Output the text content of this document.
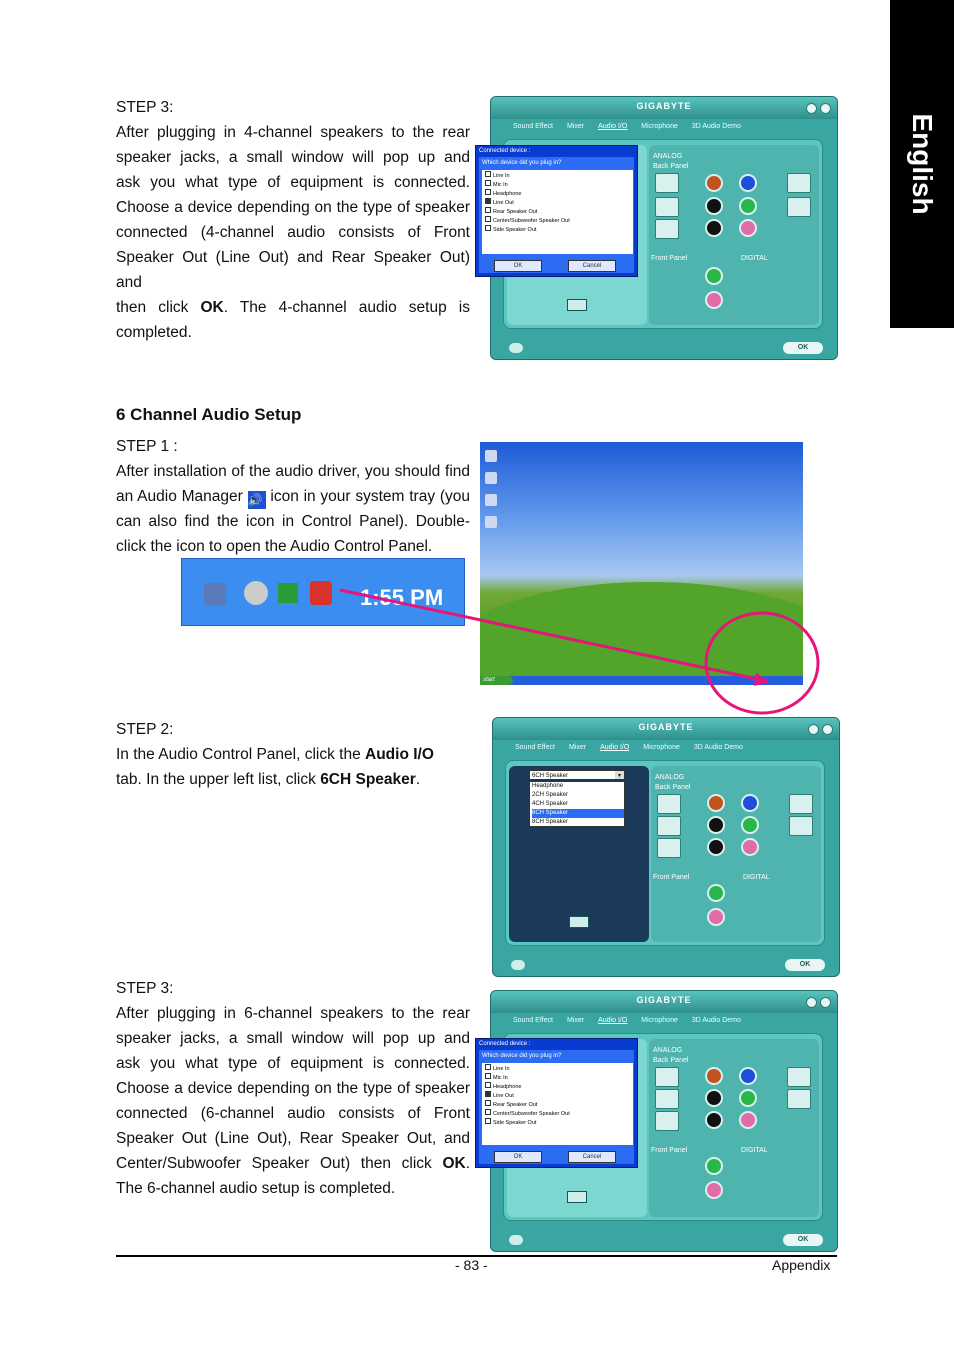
English

STEP 3:

After plugging in 4-channel speakers to the rear

speaker jacks, a small window will pop up and

ask you what type of equipment is connected.

Choose a device depending on the type of speaker

connected (4-channel audio consists of Front

Speaker Out (Line Out) and Rear Speaker Out) and

then click OK. The 4-channel audio setup is

completed.

GIGABYTE
Sound Effect Mixer Audio I/O Microphone 3D Audio Demo
ANALOG
Back Panel
Front Panel	DIGITAL
OK
Connected device :
Which device did you plug in?
Line In
Mic In
Headphone
Line Out
Rear Speaker Out
Center/Subwoofer Speaker Out
Side Speaker Out
OK	Cancel
6 Channel Audio Setup

STEP 1 :

After installation of the audio driver, you should find

an Audio Manager 🔊 icon in your system tray (you

can also find the icon in Control Panel). Double-

click the icon to open the Audio Control Panel.

1:55 PM
start

STEP 2:

In the Audio Control Panel, click the Audio I/O

tab. In the upper left list, click 6CH Speaker.

GIGABYTE
Sound Effect Mixer Audio I/O Microphone 3D Audio Demo
6CH Speaker	▾
Headphone
2CH Speaker
4CH Speaker
6CH Speaker
8CH Speaker
ANALOG
Back Panel
Front Panel	DIGITAL
OK

STEP 3:

After plugging in 6-channel speakers to the rear

speaker jacks, a small window will pop up and

ask you what type of equipment is connected.

Choose a device depending on the type of speaker

connected (6-channel audio consists of Front

Speaker Out (Line Out), Rear Speaker Out, and

Center/Subwoofer Speaker Out) then click OK.

The 6-channel audio setup is completed.

GIGABYTE
Sound Effect Mixer Audio I/O Microphone 3D Audio Demo
ANALOG
Back Panel
Front Panel	DIGITAL
OK
Connected device :
Which device did you plug in?
Line In
Mic In
Headphone
Line Out
Rear Speaker Out
Center/Subwoofer Speaker Out
Side Speaker Out
OK	Cancel
- 83 -	Appendix
